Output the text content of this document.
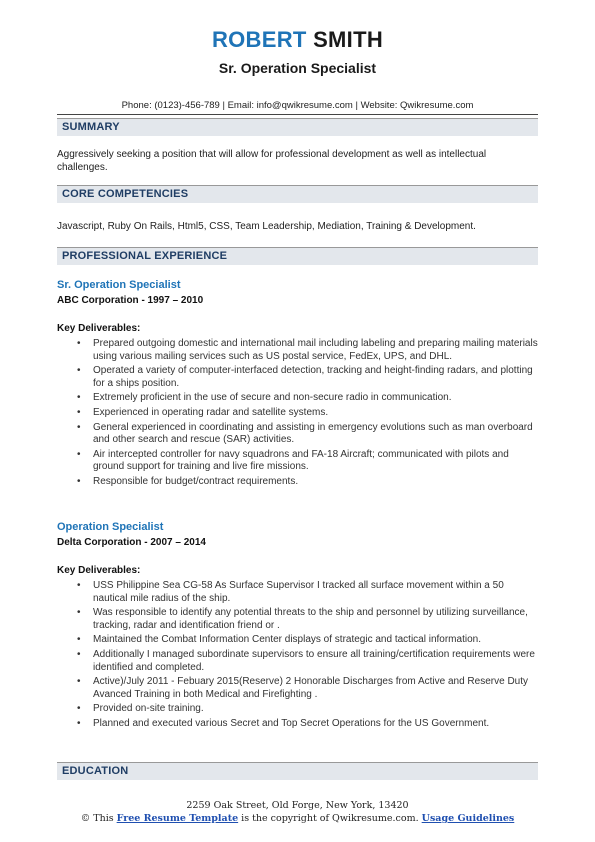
ROBERT SMITH
Sr. Operation Specialist
Phone: (0123)-456-789 | Email: info@qwikresume.com | Website: Qwikresume.com
SUMMARY
Aggressively seeking a position that will allow for professional development as well as intellectual challenges.
CORE COMPETENCIES
Javascript, Ruby On Rails, Html5, CSS, Team Leadership, Mediation, Training & Development.
PROFESSIONAL EXPERIENCE
Sr. Operation Specialist
ABC Corporation - 1997 – 2010
Key Deliverables:
• Prepared outgoing domestic and international mail including labeling and preparing mailing materials using various mailing services such as US postal service, FedEx, UPS, and DHL.
• Operated a variety of computer-interfaced detection, tracking and height-finding radars, and plotting for a ships position.
• Extremely proficient in the use of secure and non-secure radio in communication.
• Experienced in operating radar and satellite systems.
• General experienced in coordinating and assisting in emergency evolutions such as man overboard and other search and rescue (SAR) activities.
• Air intercepted controller for navy squadrons and FA-18 Aircraft; communicated with pilots and ground support for training and live fire missions.
• Responsible for budget/contract requirements.
Operation Specialist
Delta Corporation - 2007 – 2014
Key Deliverables:
• USS Philippine Sea CG-58 As Surface Supervisor I tracked all surface movement within a 50 nautical mile radius of the ship.
• Was responsible to identify any potential threats to the ship and personnel by utilizing surveillance, tracking, radar and identification friend or .
• Maintained the Combat Information Center displays of strategic and tactical information.
• Additionally I managed subordinate supervisors to ensure all training/certification requirements were identified and completed.
• Active)/July 2011 - Febuary 2015(Reserve) 2 Honorable Discharges from Active and Reserve Duty Avanced Training in both Medical and Firefighting .
• Provided on-site training.
• Planned and executed various Secret and Top Secret Operations for the US Government.
EDUCATION
2259 Oak Street, Old Forge, New York, 13420
© This Free Resume Template is the copyright of Qwikresume.com. Usage Guidelines
